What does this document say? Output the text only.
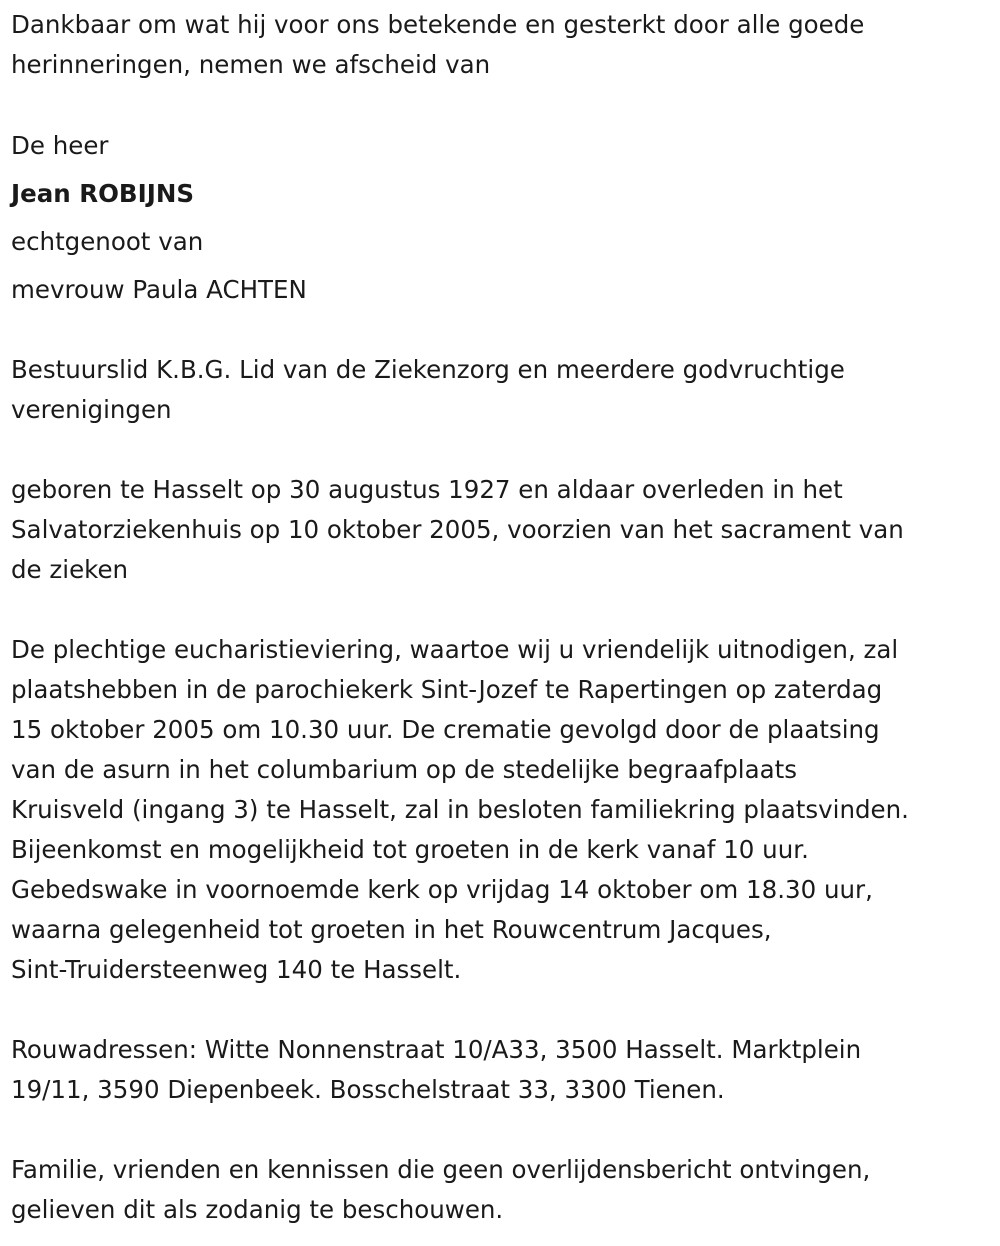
Dankbaar om wat hij voor ons betekende en gesterkt door alle goede
herinneringen, nemen we afscheid van
De heer
Jean ROBIJNS
echtgenoot van
mevrouw Paula ACHTEN
Bestuurslid K.B.G. Lid van de Ziekenzorg en meerdere godvruchtige
verenigingen
geboren te Hasselt op 30 augustus 1927 en aldaar overleden in het
Salvatorziekenhuis op 10 oktober 2005, voorzien van het sacrament van
de zieken
De plechtige eucharistieviering, waartoe wij u vriendelijk uitnodigen, zal
plaatshebben in de parochiekerk Sint-Jozef te Rapertingen op zaterdag
15 oktober 2005 om 10.30 uur. De crematie gevolgd door de plaatsing
van de asurn in het columbarium op de stedelijke begraafplaats
Kruisveld (ingang 3) te Hasselt, zal in besloten familiekring plaatsvinden.
Bijeenkomst en mogelijkheid tot groeten in de kerk vanaf 10 uur.
Gebedswake in voornoemde kerk op vrijdag 14 oktober om 18.30 uur,
waarna gelegenheid tot groeten in het Rouwcentrum Jacques,
Sint-Truidersteenweg 140 te Hasselt.
Rouwadressen: Witte Nonnenstraat 10/A33, 3500 Hasselt. Marktplein
19/11, 3590 Diepenbeek. Bosschelstraat 33, 3300 Tienen.
Familie, vrienden en kennissen die geen overlijdensbericht ontvingen,
gelieven dit als zodanig te beschouwen.
